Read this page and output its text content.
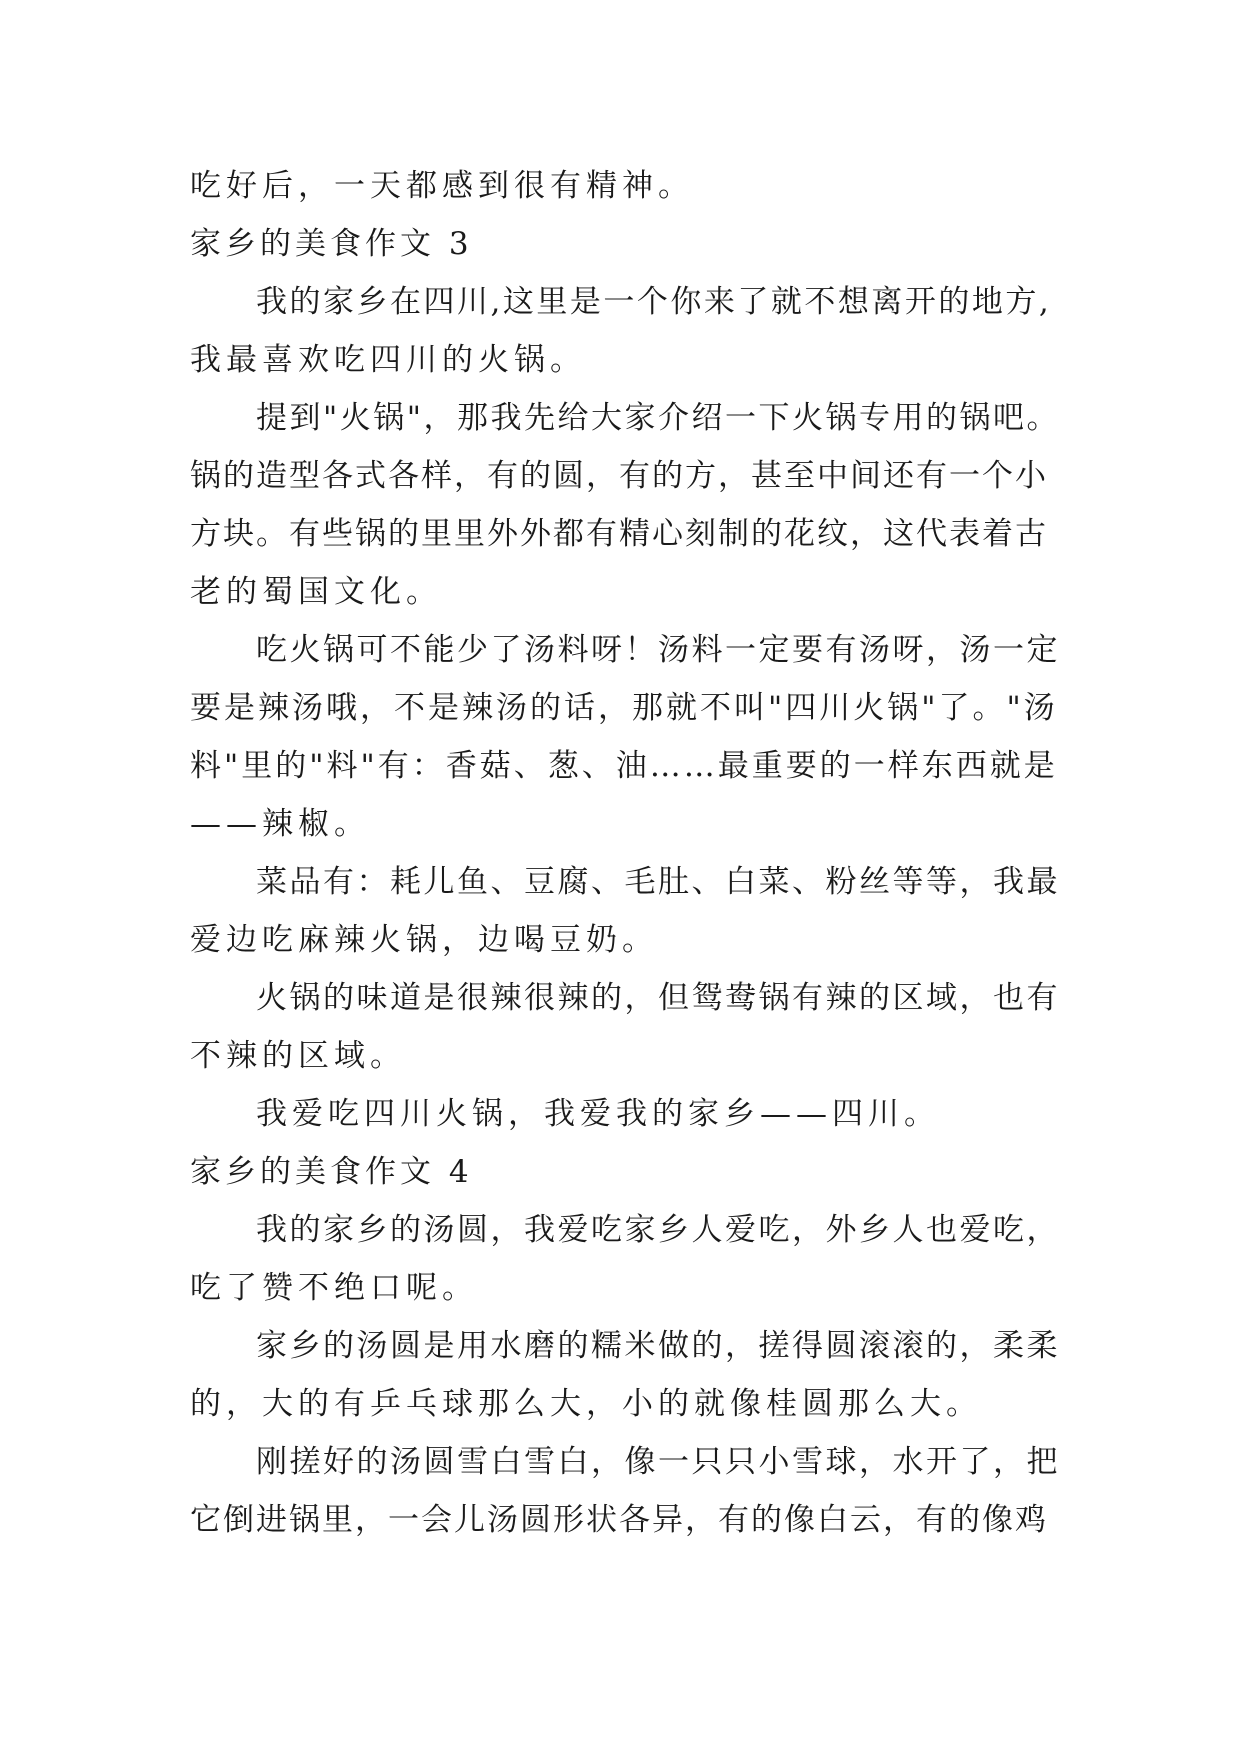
吃好后，一天都感到很有精神。
家乡的美食作文 3
我的家乡在四川,这里是一个你来了就不想离开的地方,
我最喜欢吃四川的火锅。
提到"火锅"，那我先给大家介绍一下火锅专用的锅吧。
锅的造型各式各样，有的圆，有的方，甚至中间还有一个小
方块。有些锅的里里外外都有精心刻制的花纹，这代表着古
老的蜀国文化。
吃火锅可不能少了汤料呀！汤料一定要有汤呀，汤一定
要是辣汤哦，不是辣汤的话，那就不叫"四川火锅"了。"汤
料"里的"料"有：香菇、葱、油……最重要的一样东西就是
——辣椒。
菜品有：耗儿鱼、豆腐、毛肚、白菜、粉丝等等，我最
爱边吃麻辣火锅，边喝豆奶。
火锅的味道是很辣很辣的，但鸳鸯锅有辣的区域，也有
不辣的区域。
我爱吃四川火锅，我爱我的家乡——四川。
家乡的美食作文 4
我的家乡的汤圆，我爱吃家乡人爱吃，外乡人也爱吃，
吃了赞不绝口呢。
家乡的汤圆是用水磨的糯米做的，搓得圆滚滚的，柔柔
的，大的有乒乓球那么大，小的就像桂圆那么大。
刚搓好的汤圆雪白雪白，像一只只小雪球，水开了，把
它倒进锅里，一会儿汤圆形状各异，有的像白云，有的像鸡
